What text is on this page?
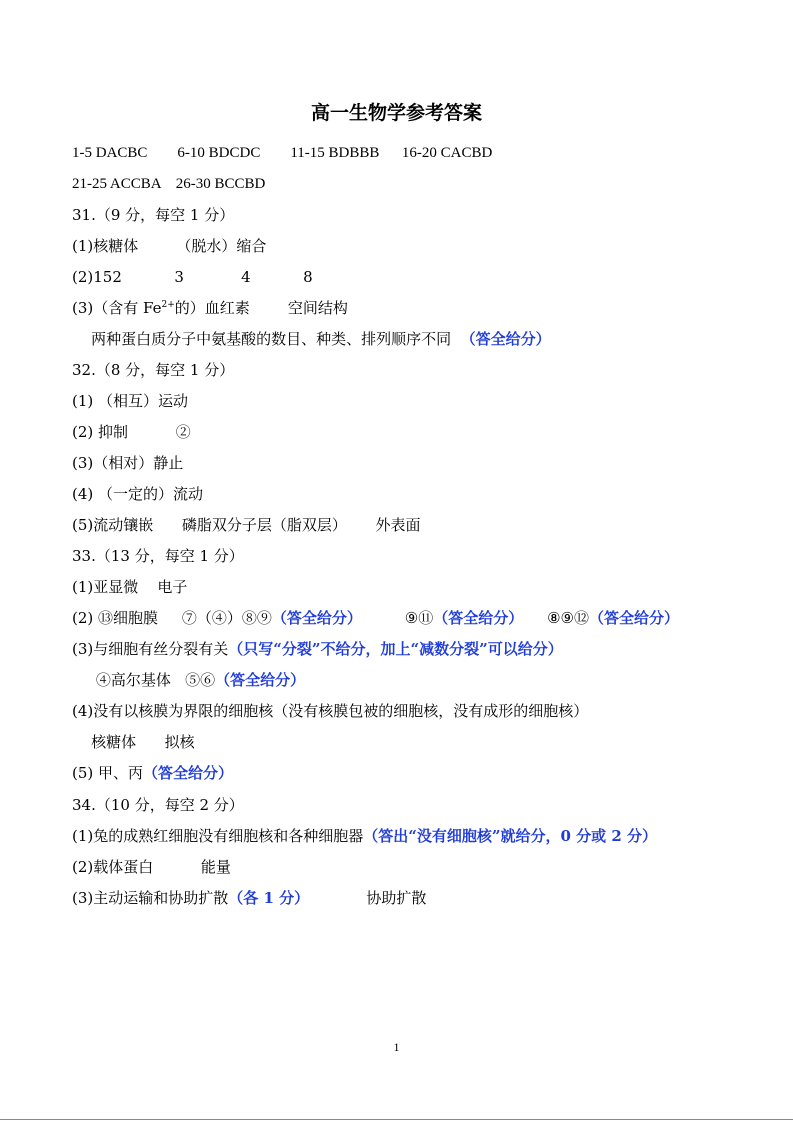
高一生物学参考答案
1-5 DACBC        6-10 BDCDC        11-15 BDBBB      16-20 CACBD
21-25 ACCBA    26-30 BCCBD
31.（9 分，每空 1 分）
(1)核糖体        （脱水）缩合
(2)152           3            4           8
(3)（含有 $Fe^{2+}$的）血红素        空间结构
两种蛋白质分子中氨基酸的数目、种类、排列顺序不同  （答全给分）
32.（8 分，每空 1 分）
(1) （相互）运动
(2) 抑制          ②
(3)（相对）静止
(4) （一定的）流动
(5)流动镶嵌      磷脂双分子层（脂双层）      外表面
33.（13 分，每空 1 分）
(1)亚显微    电子
(2) ⑬细胞膜     ⑦（④）⑧⑨（答全给分）         ⑨⑪（答全给分）     ⑧⑨⑫（答全给分）
(3)与细胞有丝分裂有关（只写“分裂”不给分，加上“减数分裂”可以给分）
④高尔基体   ⑤⑥（答全给分）
(4)没有以核膜为界限的细胞核（没有核膜包被的细胞核，没有成形的细胞核）
核糖体      拟核
(5) 甲、丙（答全给分）
34.（10 分，每空 2 分）
(1)兔的成熟红细胞没有细胞核和各种细胞器（答出“没有细胞核”就给分，0 分或 2 分）
(2)载体蛋白          能量
(3)主动运输和协助扩散（各 1 分）            协助扩散
1
